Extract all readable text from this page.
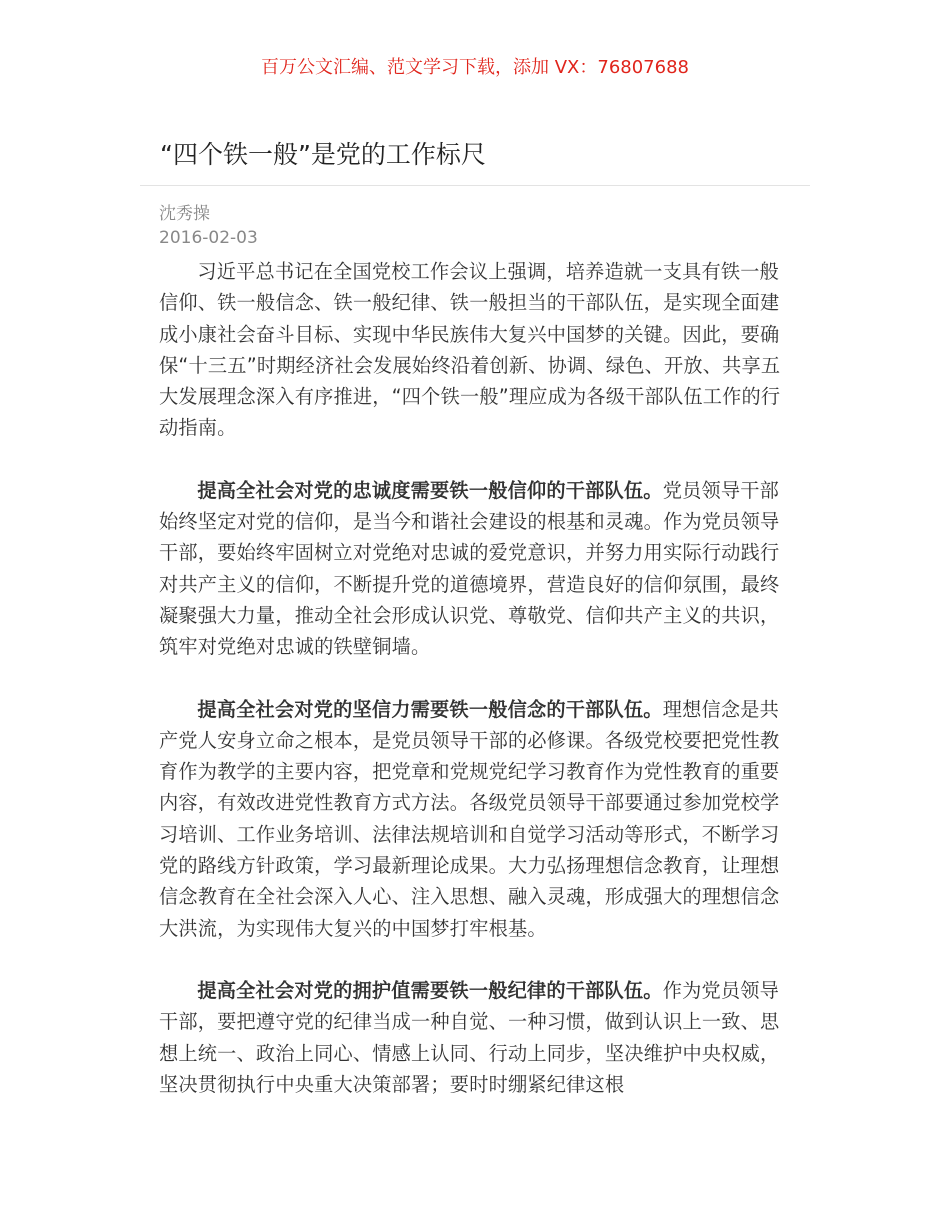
百万公文汇编、范文学习下载，添加 VX：76807688
“四个铁一般”是党的工作标尺
沈秀操
2016-02-03

习近平总书记在全国党校工作会议上强调，培养造就一支具有铁一般信仰、铁一般信念、铁一般纪律、铁一般担当的干部队伍，是实现全面建成小康社会奋斗目标、实现中华民族伟大复兴中国梦的关键。因此，要确保“十三五”时期经济社会发展始终沿着创新、协调、绿色、开放、共享五大发展理念深入有序推进，“四个铁一般”理应成为各级干部队伍工作的行动指南。

提高全社会对党的忠诚度需要铁一般信仰的干部队伍。党员领导干部始终坚定对党的信仰，是当今和谐社会建设的根基和灵魂。作为党员领导干部，要始终牢固树立对党绝对忠诚的爱党意识，并努力用实际行动践行对共产主义的信仰，不断提升党的道德境界，营造良好的信仰氛围，最终凝聚强大力量，推动全社会形成认识党、尊敬党、信仰共产主义的共识，筑牢对党绝对忠诚的铁壁铜墙。

提高全社会对党的坚信力需要铁一般信念的干部队伍。理想信念是共产党人安身立命之根本，是党员领导干部的必修课。各级党校要把党性教育作为教学的主要内容，把党章和党规党纪学习教育作为党性教育的重要内容，有效改进党性教育方式方法。各级党员领导干部要通过参加党校学习培训、工作业务培训、法律法规培训和自觉学习活动等形式，不断学习党的路线方针政策，学习最新理论成果。大力弘扬理想信念教育，让理想信念教育在全社会深入人心、注入思想、融入灵魂，形成强大的理想信念大洪流，为实现伟大复兴的中国梦打牢根基。

提高全社会对党的拥护值需要铁一般纪律的干部队伍。作为党员领导干部，要把遵守党的纪律当成一种自觉、一种习惯，做到认识上一致、思想上统一、政治上同心、情感上认同、行动上同步，坚决维护中央权威，坚决贯彻执行中央重大决策部署；要时时绷紧纪律这根
